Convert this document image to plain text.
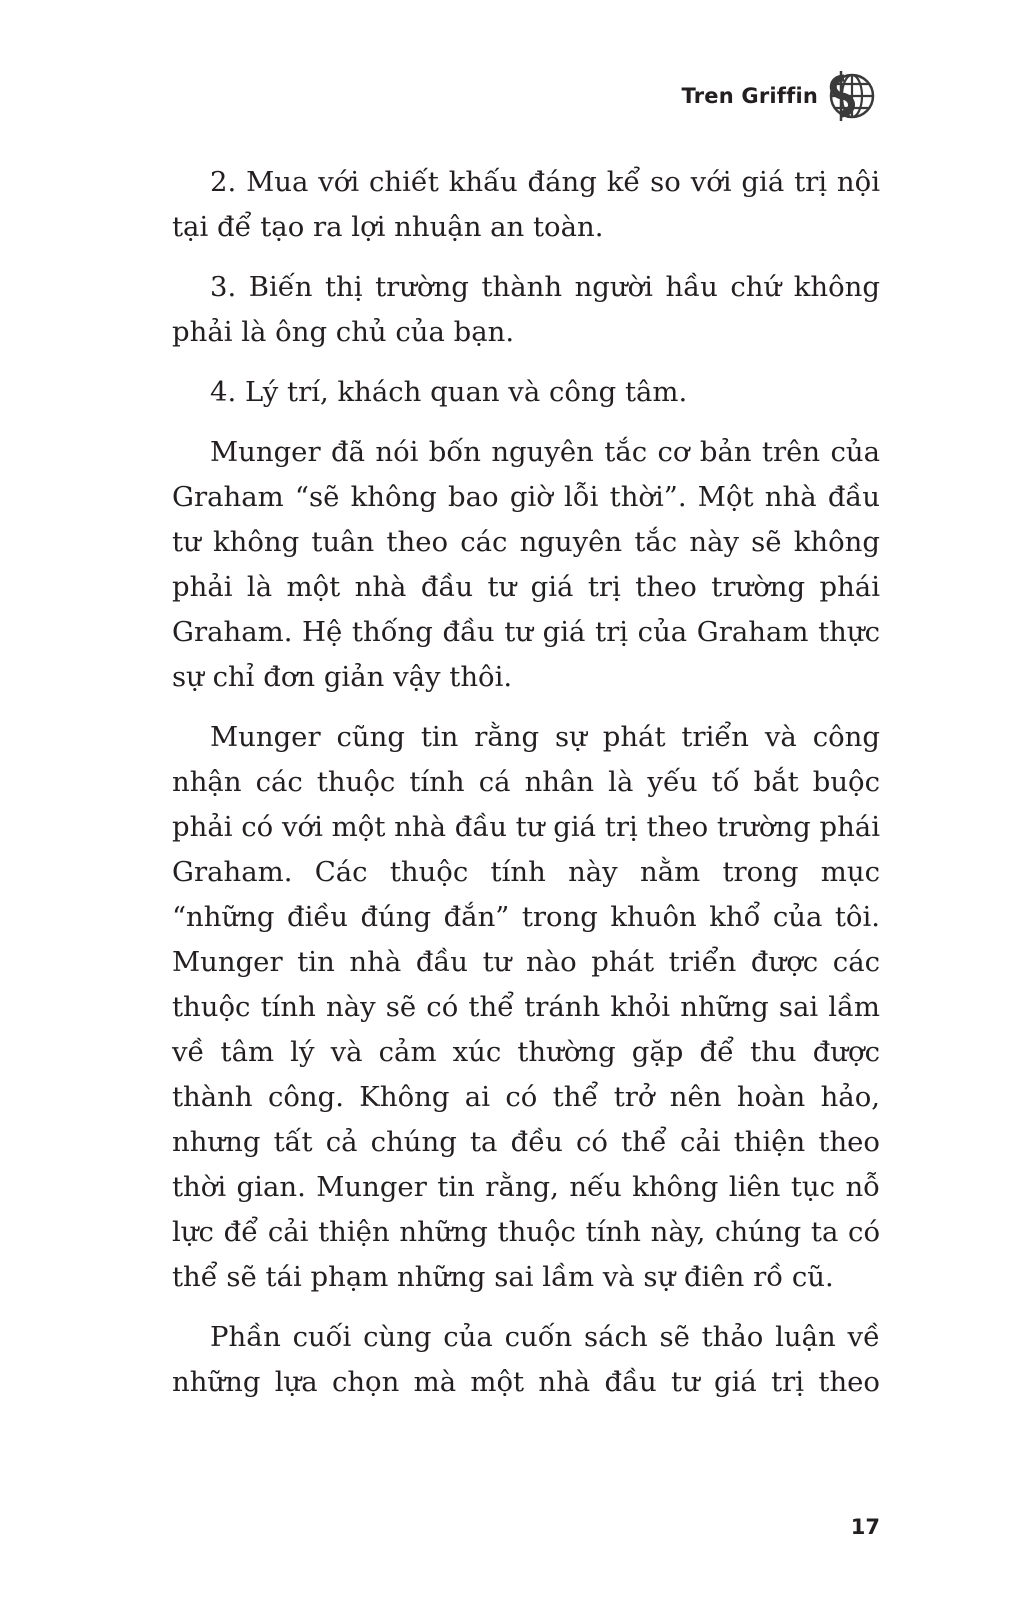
Tren Griffin

2. Mua với chiết khấu đáng kể so với giá trị nội tại để tạo ra lợi nhuận an toàn.

3. Biến thị trường thành người hầu chứ không phải là ông chủ của bạn.

4. Lý trí, khách quan và công tâm.

Munger đã nói bốn nguyên tắc cơ bản trên của Graham “sẽ không bao giờ lỗi thời”. Một nhà đầu tư không tuân theo các nguyên tắc này sẽ không phải là một nhà đầu tư giá trị theo trường phái Graham. Hệ thống đầu tư giá trị của Graham thực sự chỉ đơn giản vậy thôi.

Munger cũng tin rằng sự phát triển và công nhận các thuộc tính cá nhân là yếu tố bắt buộc phải có với một nhà đầu tư giá trị theo trường phái Graham. Các thuộc tính này nằm trong mục “những điều đúng đắn” trong khuôn khổ của tôi. Munger tin nhà đầu tư nào phát triển được các thuộc tính này sẽ có thể tránh khỏi những sai lầm về tâm lý và cảm xúc thường gặp để thu được thành công. Không ai có thể trở nên hoàn hảo, nhưng tất cả chúng ta đều có thể cải thiện theo thời gian. Munger tin rằng, nếu không liên tục nỗ lực để cải thiện những thuộc tính này, chúng ta có thể sẽ tái phạm những sai lầm và sự điên rồ cũ.

Phần cuối cùng của cuốn sách sẽ thảo luận về những lựa chọn mà một nhà đầu tư giá trị theo

17
